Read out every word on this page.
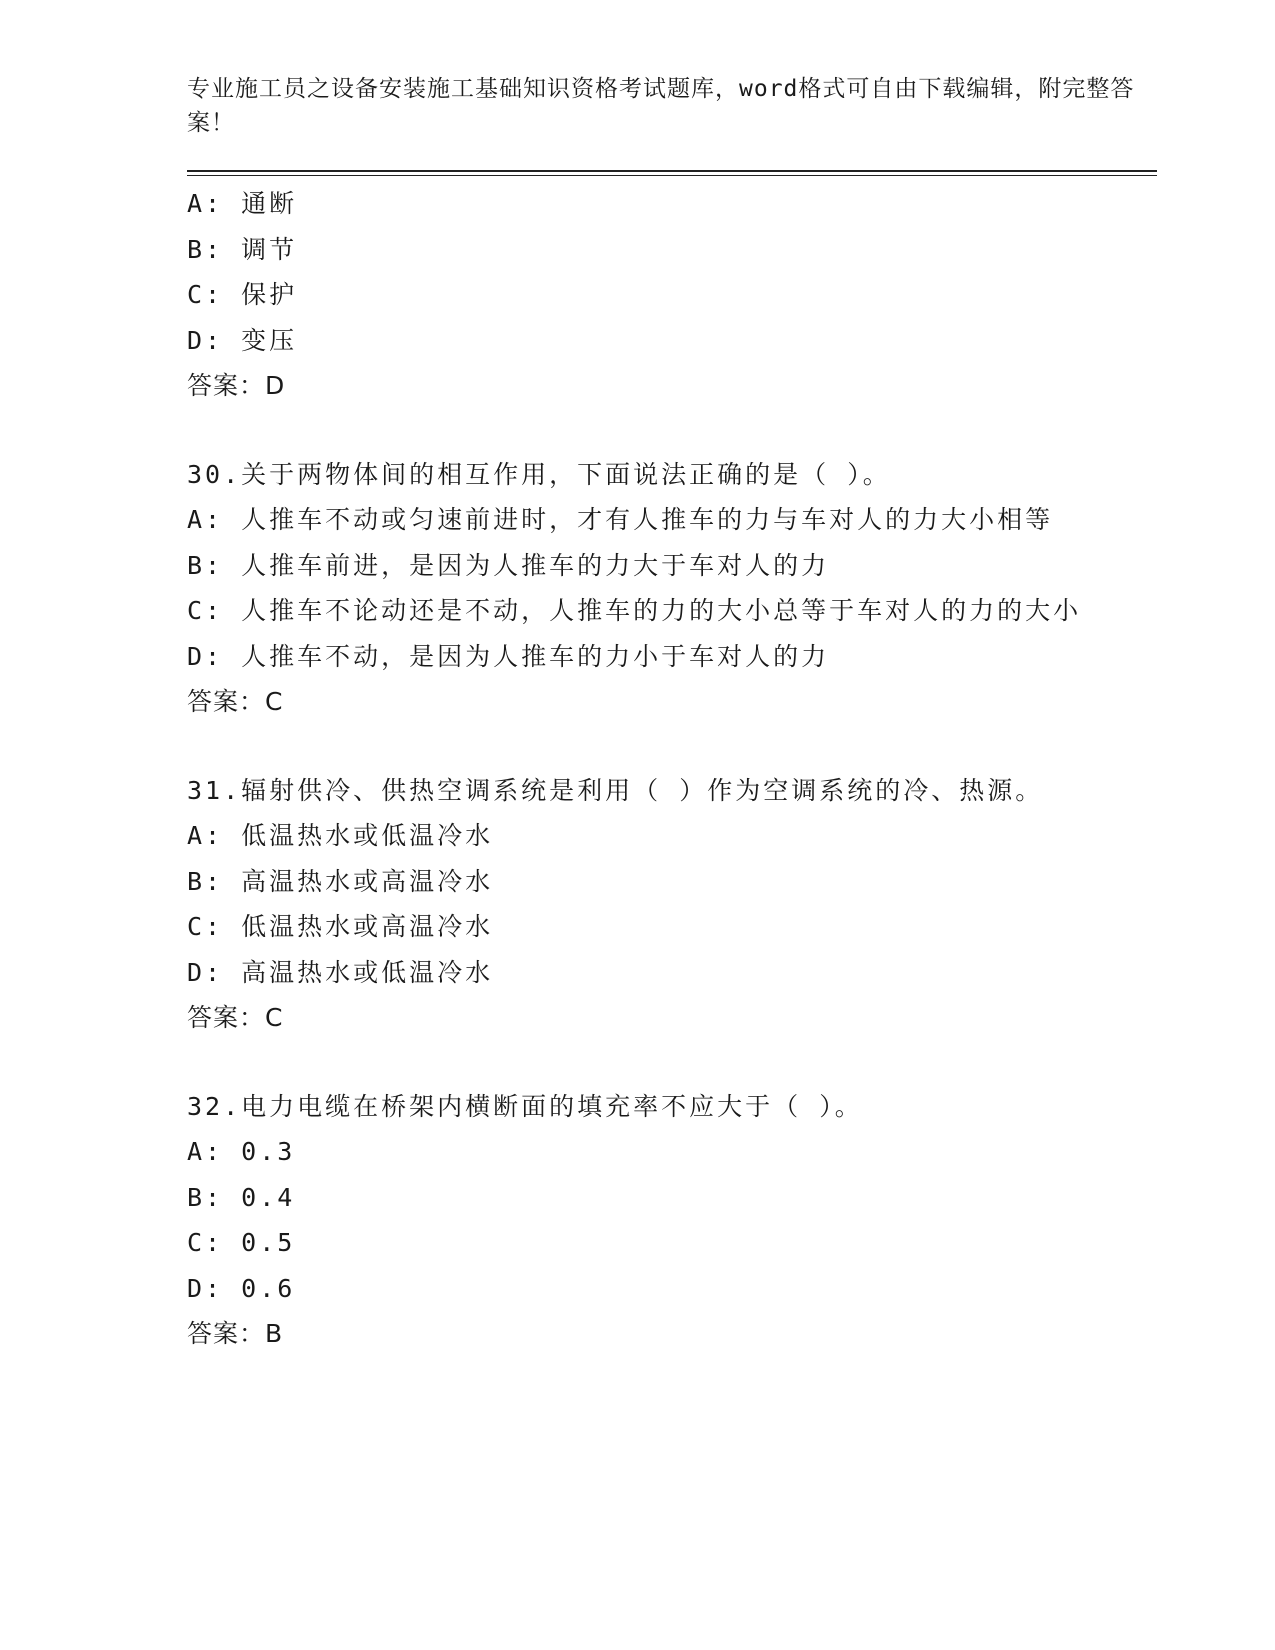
专业施工员之设备安装施工基础知识资格考试题库，word格式可自由下载编辑，附完整答案！

A: 通断

B: 调节

C: 保护

D: 变压

答案：D

30.关于两物体间的相互作用，下面说法正确的是（ ）。

A: 人推车不动或匀速前进时，才有人推车的力与车对人的力大小相等

B: 人推车前进，是因为人推车的力大于车对人的力

C: 人推车不论动还是不动，人推车的力的大小总等于车对人的力的大小

D: 人推车不动，是因为人推车的力小于车对人的力

答案：C

31.辐射供冷、供热空调系统是利用（ ）作为空调系统的冷、热源。

A: 低温热水或低温冷水

B: 高温热水或高温冷水

C: 低温热水或高温冷水

D: 高温热水或低温冷水

答案：C

32.电力电缆在桥架内横断面的填充率不应大于（ ）。

A: 0.3

B: 0.4

C: 0.5

D: 0.6

答案：B
